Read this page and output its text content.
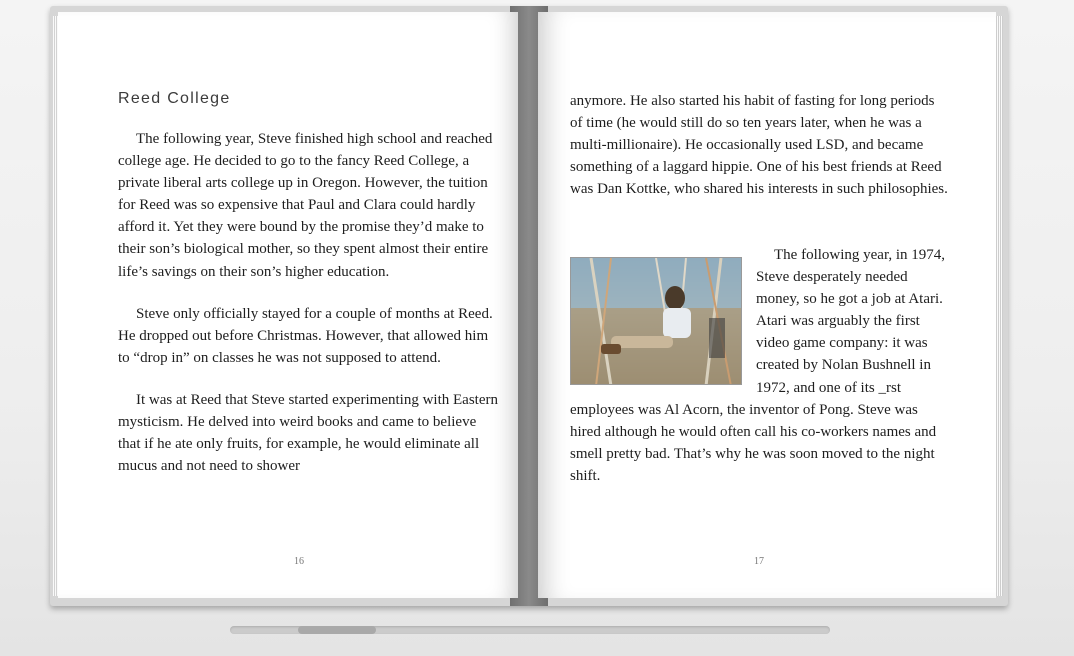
Reed College

The following year, Steve finished high school and reached college age. He decided to go to the fancy Reed College, a private liberal arts college up in Oregon. However, the tuition for Reed was so expensive that Paul and Clara could hardly afford it. Yet they were bound by the promise they’d make to their son’s biological mother, so they spent almost their entire life’s savings on their son’s higher education.

Steve only officially stayed for a couple of months at Reed. He dropped out before Christmas. However, that allowed him to “drop in” on classes he was not supposed to attend.

It was at Reed that Steve started experimenting with Eastern mysticism. He delved into weird books and came to believe that if he ate only fruits, for example, he would eliminate all mucus and not need to shower

16
anymore. He also started his habit of fasting for long periods of time (he would still do so ten years later, when he was a multi-millionaire). He occasionally used LSD, and became something of a laggard hippie. One of his best friends at Reed was Dan Kottke, who shared his interests in such philosophies.
The following year, in 1974, Steve desperately needed money, so he got a job at Atari. Atari was arguably the first video game company: it was created by Nolan Bushnell in 1972, and one of its _rst employees was Al Acorn, the inventor of Pong. Steve was hired although he would often call his co-workers names and smell pretty bad. That’s why he was soon moved to the night shift.
17
